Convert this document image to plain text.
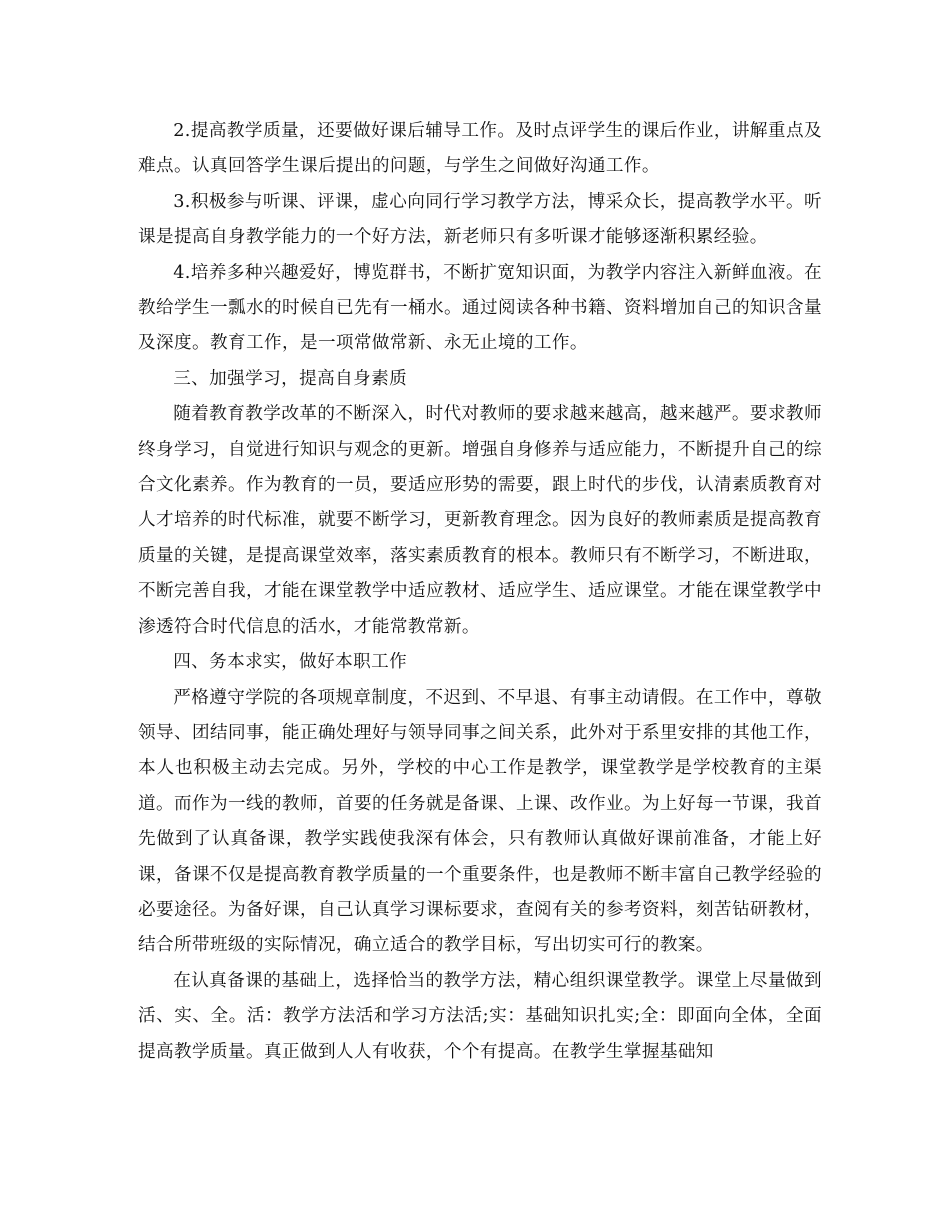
2.提高教学质量，还要做好课后辅导工作。及时点评学生的课后作业，讲解重点及难点。认真回答学生课后提出的问题，与学生之间做好沟通工作。

3.积极参与听课、评课，虚心向同行学习教学方法，博采众长，提高教学水平。听课是提高自身教学能力的一个好方法，新老师只有多听课才能够逐渐积累经验。

4.培养多种兴趣爱好，博览群书，不断扩宽知识面，为教学内容注入新鲜血液。在教给学生一瓢水的时候自已先有一桶水。通过阅读各种书籍、资料增加自己的知识含量及深度。教育工作，是一项常做常新、永无止境的工作。

三、加强学习，提高自身素质

随着教育教学改革的不断深入，时代对教师的要求越来越高，越来越严。要求教师终身学习，自觉进行知识与观念的更新。增强自身修养与适应能力，不断提升自己的综合文化素养。作为教育的一员，要适应形势的需要，跟上时代的步伐，认清素质教育对人才培养的时代标准，就要不断学习，更新教育理念。因为良好的教师素质是提高教育质量的关键，是提高课堂效率，落实素质教育的根本。教师只有不断学习，不断进取，不断完善自我，才能在课堂教学中适应教材、适应学生、适应课堂。才能在课堂教学中渗透符合时代信息的活水，才能常教常新。

四、务本求实，做好本职工作

严格遵守学院的各项规章制度，不迟到、不早退、有事主动请假。在工作中，尊敬领导、团结同事，能正确处理好与领导同事之间关系，此外对于系里安排的其他工作，本人也积极主动去完成。另外，学校的中心工作是教学，课堂教学是学校教育的主渠道。而作为一线的教师，首要的任务就是备课、上课、改作业。为上好每一节课，我首先做到了认真备课，教学实践使我深有体会，只有教师认真做好课前准备，才能上好课，备课不仅是提高教育教学质量的一个重要条件，也是教师不断丰富自己教学经验的必要途径。为备好课，自己认真学习课标要求，查阅有关的参考资料，刻苦钻研教材，结合所带班级的实际情况，确立适合的教学目标，写出切实可行的教案。

在认真备课的基础上，选择恰当的教学方法，精心组织课堂教学。课堂上尽量做到活、实、全。活：教学方法活和学习方法活;实：基础知识扎实;全：即面向全体，全面提高教学质量。真正做到人人有收获，个个有提高。在教学生掌握基础知
